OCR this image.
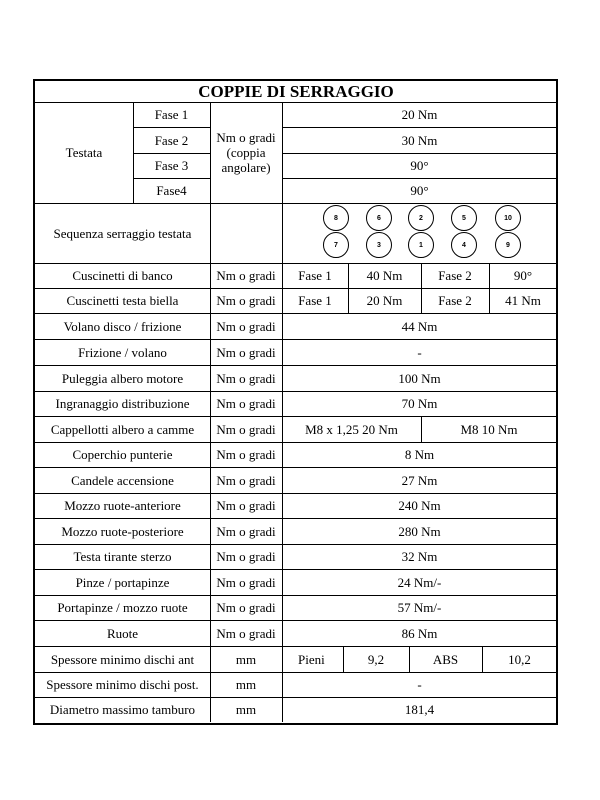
COPPIE DI SERRAGGIO
Testata
Nm o gradi (coppia angolare)
Fase 1	20 Nm
Fase 2	30 Nm
Fase 3	90°
Fase4	90°
Sequenza serraggio testata
8	6	2	5	10
7	3	1	4	9
Cuscinetti di banco	Nm o gradi	Fase 1	40 Nm	Fase 2	90°
Cuscinetti testa biella	Nm o gradi	Fase 1	20 Nm	Fase 2	41 Nm
Volano disco / frizione	Nm o gradi	44 Nm
Frizione / volano	Nm o gradi	-
Puleggia albero motore	Nm o gradi	100 Nm
Ingranaggio distribuzione	Nm o gradi	70 Nm
Cappellotti albero a camme	Nm o gradi	M8 x 1,25 20 Nm	M8 10 Nm
Coperchio punterie	Nm o gradi	8 Nm
Candele accensione	Nm o gradi	27 Nm
Mozzo ruote-anteriore	Nm o gradi	240 Nm
Mozzo ruote-posteriore	Nm o gradi	280 Nm
Testa tirante sterzo	Nm o gradi	32 Nm
Pinze / portapinze	Nm o gradi	24 Nm/-
Portapinze / mozzo ruote	Nm o gradi	57 Nm/-
Ruote	Nm o gradi	86 Nm
Spessore minimo dischi ant	mm	Pieni	9,2	ABS	10,2
Spessore minimo dischi post.	mm	-
Diametro massimo tamburo	mm	181,4
